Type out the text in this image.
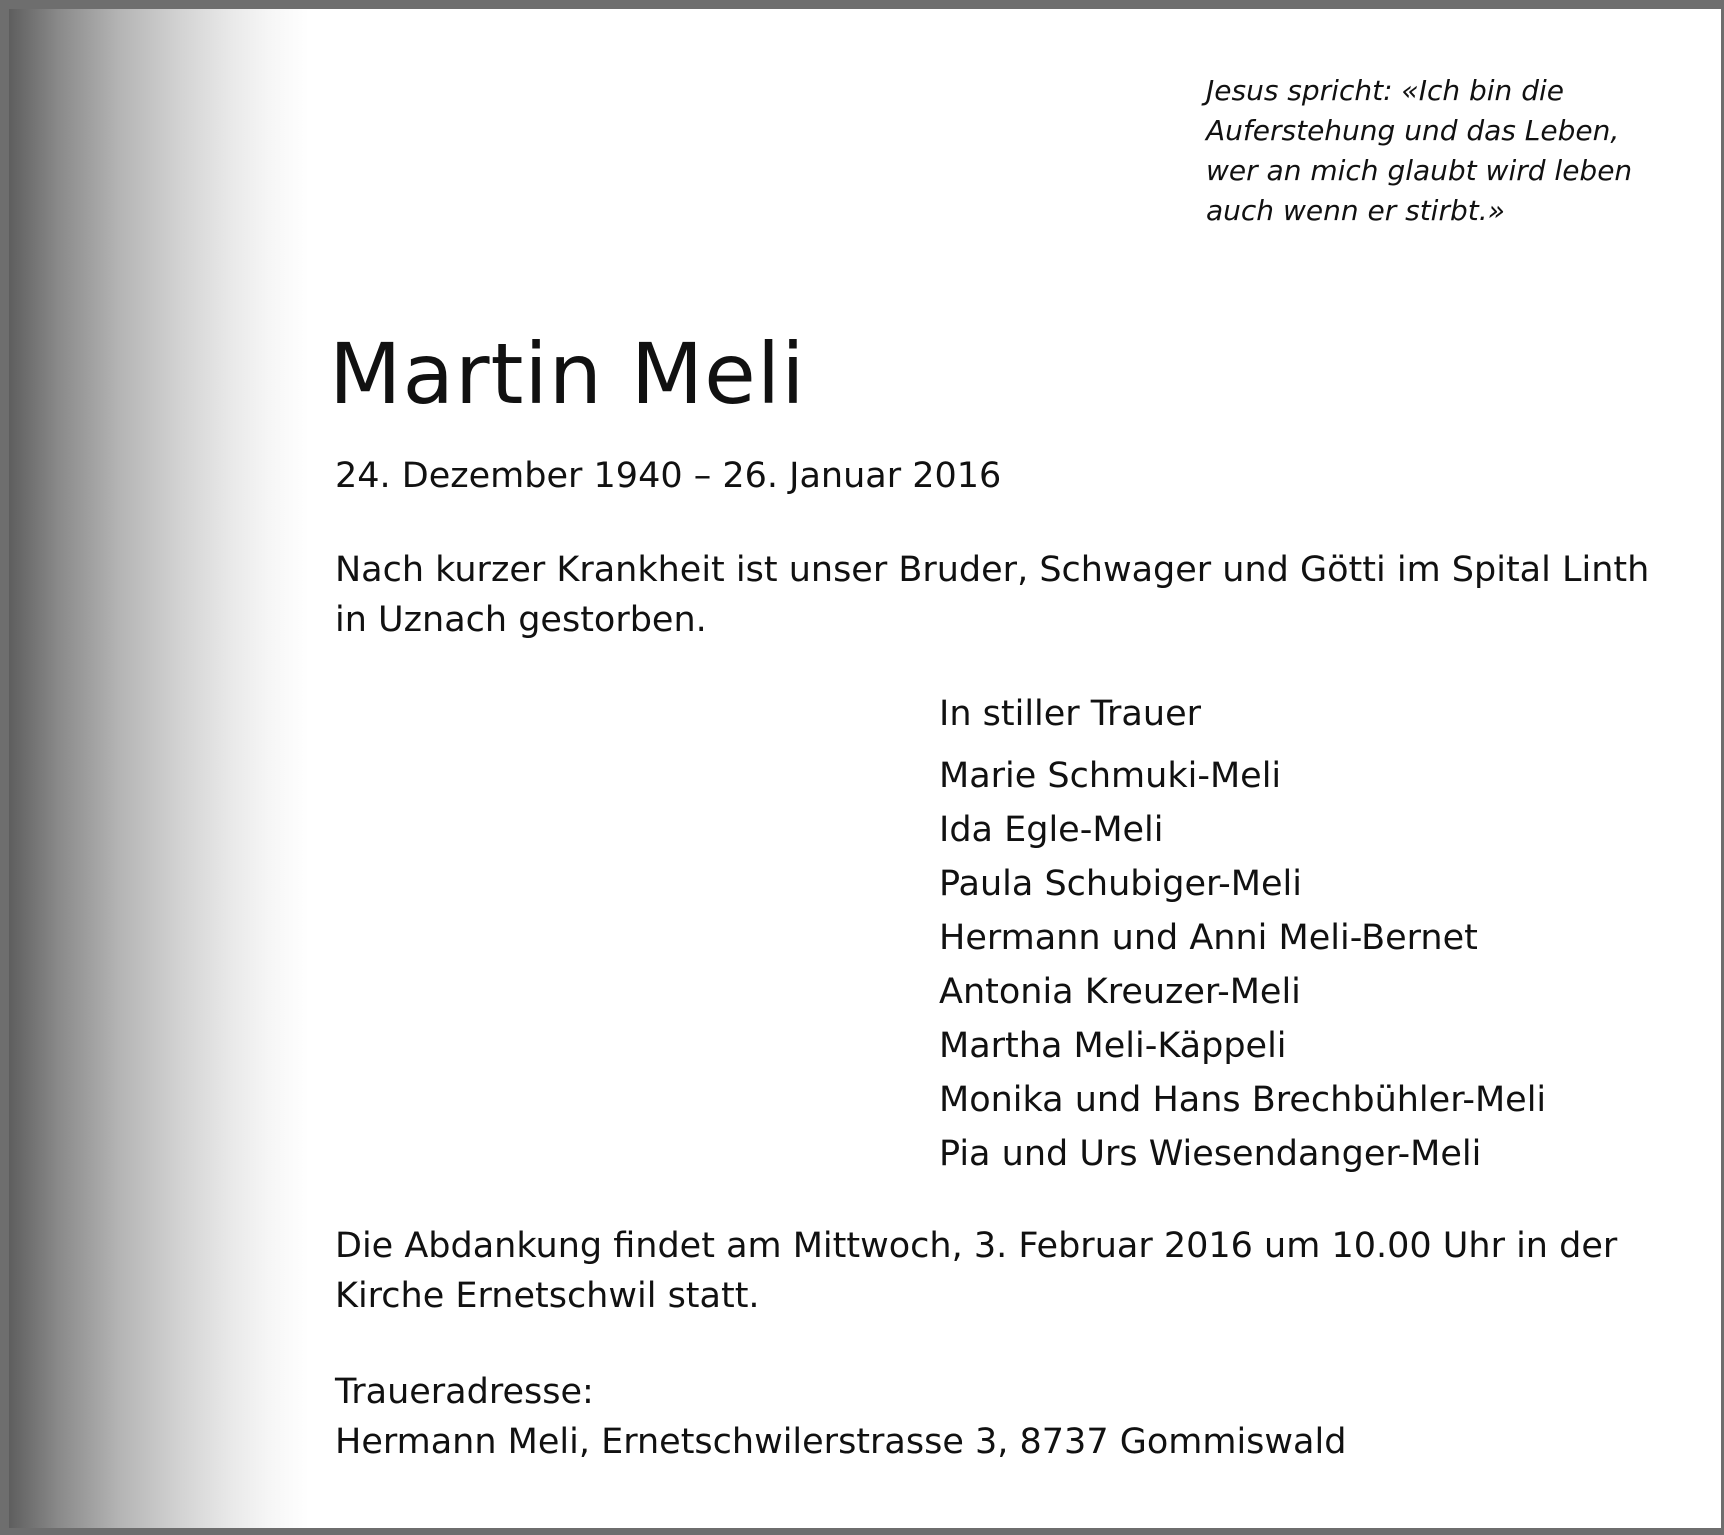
Jesus spricht: «Ich bin die
Auferstehung und das Leben,
wer an mich glaubt wird leben
auch wenn er stirbt.»

Martin Meli

24. Dezember 1940 – 26. Januar 2016

Nach kurzer Krankheit ist unser Bruder, Schwager und Götti im Spital Linth
in Uznach gestorben.

In stiller Trauer

Marie Schmuki-Meli
Ida Egle-Meli
Paula Schubiger-Meli
Hermann und Anni Meli-Bernet
Antonia Kreuzer-Meli
Martha Meli-Käppeli
Monika und Hans Brechbühler-Meli
Pia und Urs Wiesendanger-Meli

Die Abdankung findet am Mittwoch, 3. Februar 2016 um 10.00 Uhr in der
Kirche Ernetschwil statt.

Traueradresse:
Hermann Meli, Ernetschwilerstrasse 3, 8737 Gommiswald
